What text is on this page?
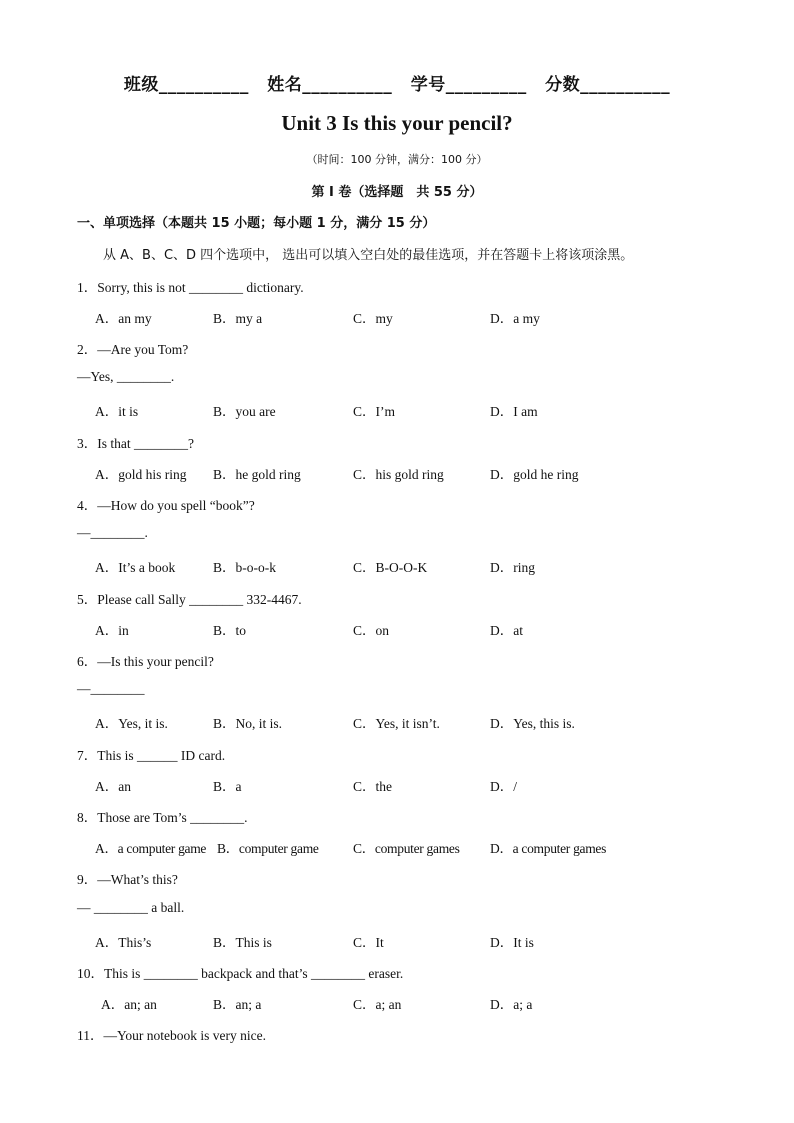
班级__________ 姓名__________ 学号_________ 分数__________
Unit 3 Is this your pencil?
（时间：100 分钟，满分：100 分）
第 I 卷（选择题　共 55 分）
一、单项选择（本题共 15 小题；每小题 1 分，满分 15 分）
从 A、B、C、D 四个选项中， 选出可以填入空白处的最佳选项，并在答题卡上将该项涂黑。
1．Sorry, this is not ________ dictionary.
A．an my	B．my a	C．my	D．a my
2．—Are you Tom?
—Yes, ________.
A．it is	B．you are	C．I’m	D．I am
3．Is that ________?
A．gold his ring B．he gold ring	C．his gold ring	D．gold he ring
4．—How do you spell “book”?
—________.
A．It’s a book	B．b-o-o-k	C．B-O-O-K	D．ring
5．Please call Sally ________ 332-4467.
A．in	B．to	C．on	D．at
6．—Is this your pencil?
—________
A．Yes, it is.	B．No, it is.	C．Yes, it isn’t.	D．Yes, this is.
7．This is ______ ID card.
A．an	B．a	C．the	D．/
8．Those are Tom’s ________.
A．a computer game B．computer game	C．computer games D．a computer games
9．—What’s this?
— ________ a ball.
A．This’s	B．This is	C．It	D．It is
10．This is ________ backpack and that’s ________ eraser.
A．an; an	B．an; a	C．a; an	D．a; a
11．—Your notebook is very nice.
